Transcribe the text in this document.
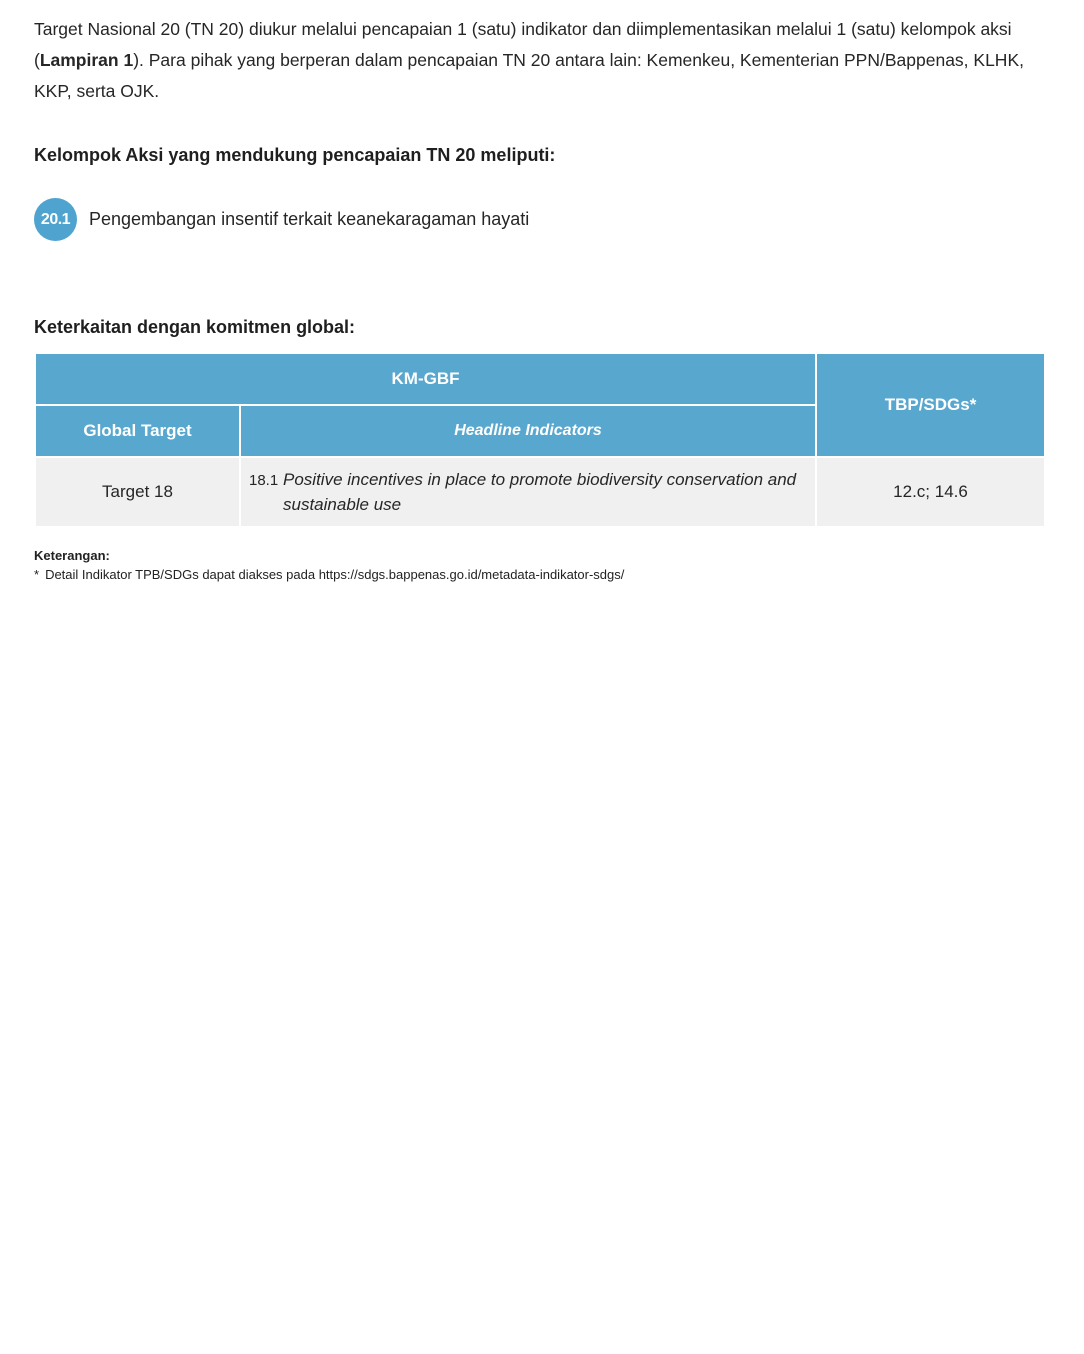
Target Nasional 20 (TN 20) diukur melalui pencapaian 1 (satu) indikator dan diimplementasikan melalui 1 (satu) kelompok aksi (Lampiran 1). Para pihak yang berperan dalam pencapaian TN 20 antara lain: Kemenkeu, Kementerian PPN/Bappenas, KLHK, KKP, serta OJK.

Kelompok Aksi yang mendukung pencapaian TN 20 meliputi:
20.1	Pengembangan insentif terkait keanekaragaman hayati
Keterkaitan dengan komitmen global:
KM-GBF		TBP/SDGs*
Global Target	Headline Indicators	
Target 18	18.1 Positive incentives in place to promote biodiversity conservation and sustainable use	12.c; 14.6
Keterangan:
* Detail Indikator TPB/SDGs dapat diakses pada https://sdgs.bappenas.go.id/metadata-indikator-sdgs/
